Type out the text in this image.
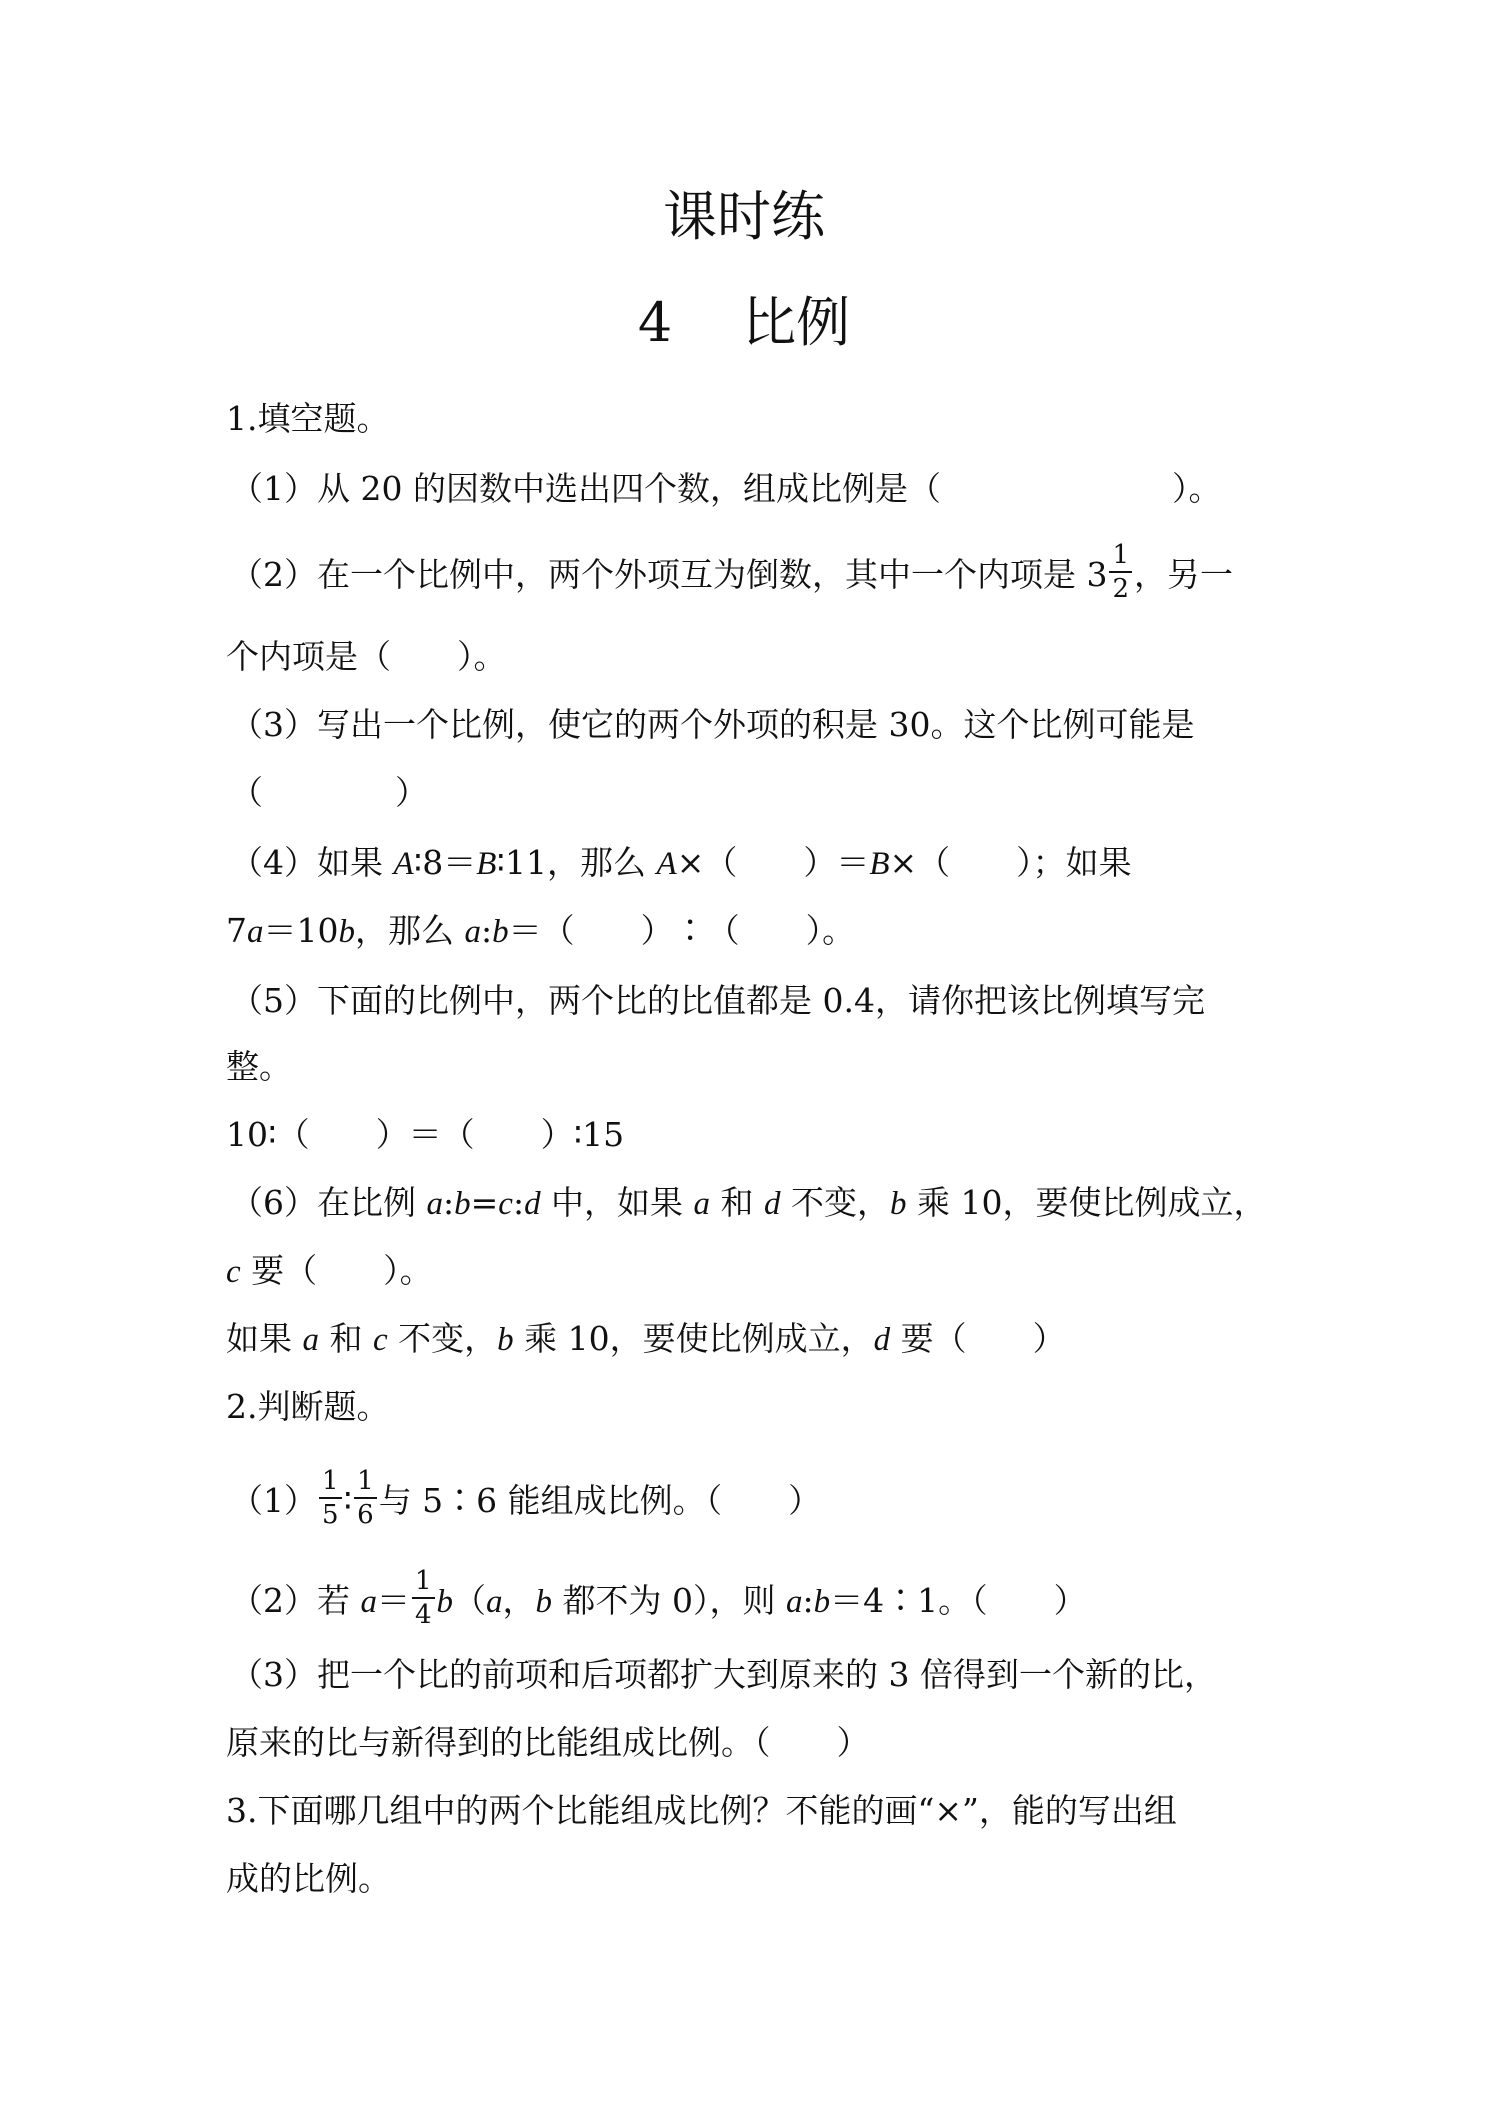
课时练
4 比例
1.填空题。
（1）从 20 的因数中选出四个数，组成比例是（　　　　　　　）。
（2）在一个比例中，两个外项互为倒数，其中一个内项是 $3 \frac{1}{2}$ ，另一
个内项是（　　）。
（3）写出一个比例，使它的两个外项的积是 30。这个比例可能是
（　　　　）
（4）如果 A∶8＝B∶11，那么 A×（　　）＝B×（　　）；如果
7a＝10b，那么 a:b＝（　　）∶（　　）。
（5）下面的比例中，两个比的比值都是 0.4，请你把该比例填写完
整。
10∶（　　）＝（　　）∶15
（6）在比例 a:b=c:d 中，如果 a 和 d 不变，b 乘 10，要使比例成立，
c 要（　　）。
如果 a 和 c 不变，b 乘 10，要使比例成立，d 要（　　）
2.判断题。
$(1) \frac{1}{5}$ ∶ $\frac{1}{6}$ 与 5∶6 能组成比例。（　　）
（2）若 $a= \frac{1}{4} b(a$，b 都不为 0），则 a:b＝4∶1。（　　）
（3）把一个比的前项和后项都扩大到原来的 3 倍得到一个新的比，
原来的比与新得到的比能组成比例。（　　）
3.下面哪几组中的两个比能组成比例？不能的画“×”，能的写出组
成的比例。
